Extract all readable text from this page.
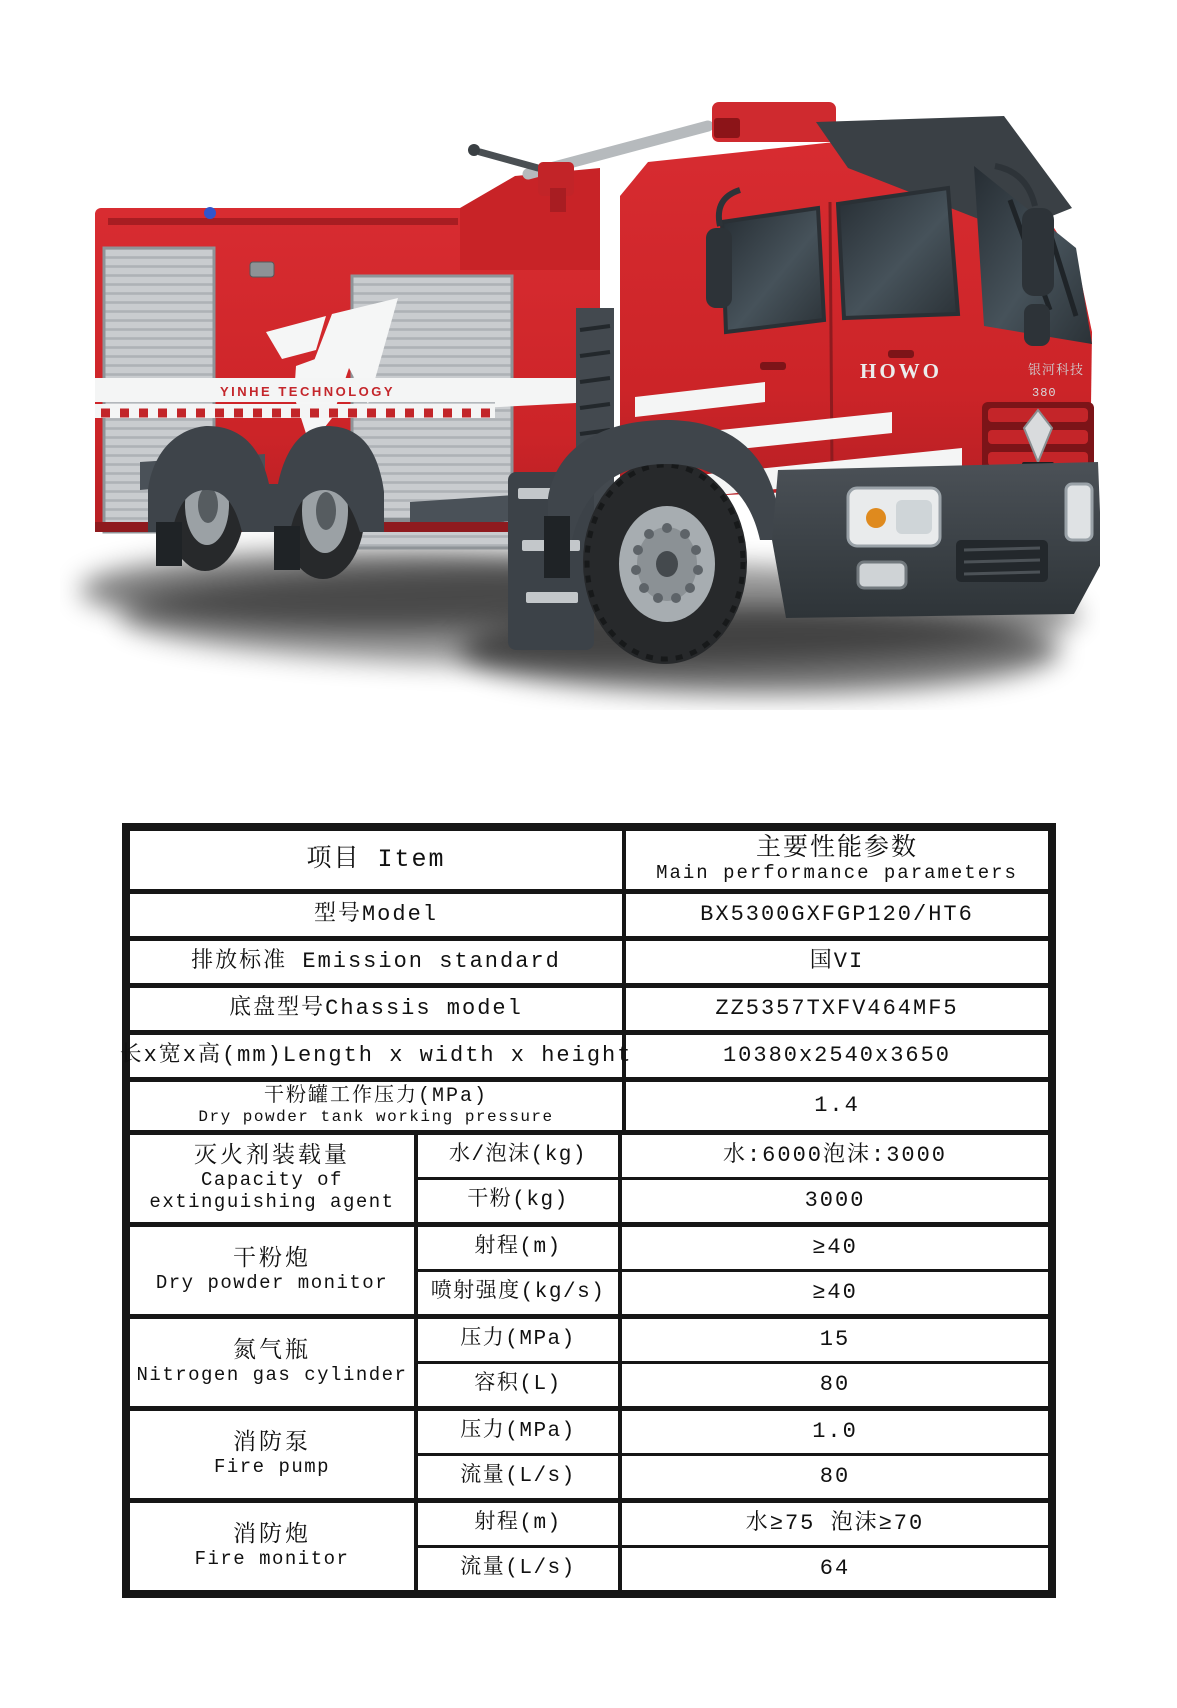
YINHE TECHNOLOGY
HOWO	银河科技
380
项目 Item	主要性能参数
Main performance parameters
型号Model	BX5300GXFGP120/HT6
排放标准 Emission standard	国VI
底盘型号Chassis model	ZZ5357TXFV464MF5
长x宽x高(mm)Length x width x height	10380x2540x3650
干粉罐工作压力(MPa)
Dry powder tank working pressure	1.4
灭火剂装载量
Capacity of extinguishing agent
水/泡沫(kg)	水:6000泡沫:3000
干粉(kg)	3000
干粉炮
Dry powder monitor
射程(m)	≥40
喷射强度(kg/s)	≥40
氮气瓶
Nitrogen gas cylinder
压力(MPa)	15
容积(L)	80
消防泵
Fire pump
压力(MPa)	1.0
流量(L/s)	80
消防炮
Fire monitor
射程(m)	水≥75 泡沫≥70
流量(L/s)	64
